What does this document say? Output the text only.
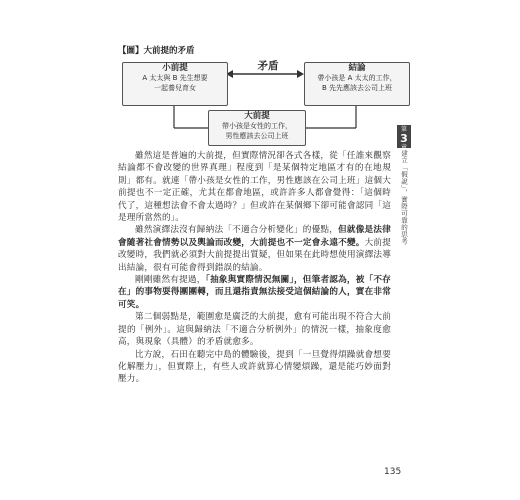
【圖】大前提的矛盾
矛盾
小前提
A 太太與 B 先生想要
一起養兒育女
結論
帶小孩是 A 太太的工作，
B 先先應該去公司上班
大前提
帶小孩是女性的工作，
男性應該去公司上班
第
3
章
建立「假說」，實際可靠的思考

雖然這是普遍的大前提，但實際情況卻各式各樣，從「任誰來觀察結論都不會改變的世界真理」程度到「是某個特定地區才有的在地規則」都有。就連「帶小孩是女性的工作，男性應該在公司上班」這個大前提也不一定正確，尤其在都會地區，或許許多人都會覺得：「這個時代了，這種想法會不會太過時？」但或許在某個鄉下卻可能會認同「這是理所當然的」。

雖然演繹法沒有歸納法「不適合分析變化」的優點，但就像是法律會隨著社會情勢以及輿論而改變，大前提也不一定會永遠不變。大前提改變時，我們就必須對大前提提出質疑，但如果在此時想使用演繹法導出結論，很有可能會得到錯誤的結論。

剛剛雖然有提過，「抽象與實際情況無關」，但筆者認為，被「不存在」的事物耍得團團轉，而且還指責無法接受這個結論的人，實在非常可笑。

第二個弱點是，範圍愈是廣泛的大前提，愈有可能出現不符合大前提的「例外」。這與歸納法「不適合分析例外」的情況一樣，抽象度愈高，與現象（具體）的矛盾就愈多。

比方說，石田在聽完中島的體驗後，提到「一旦覺得煩躁就會想要化解壓力」，但實際上，有些人或許就算心情變煩躁，還是能巧妙面對壓力。

135
